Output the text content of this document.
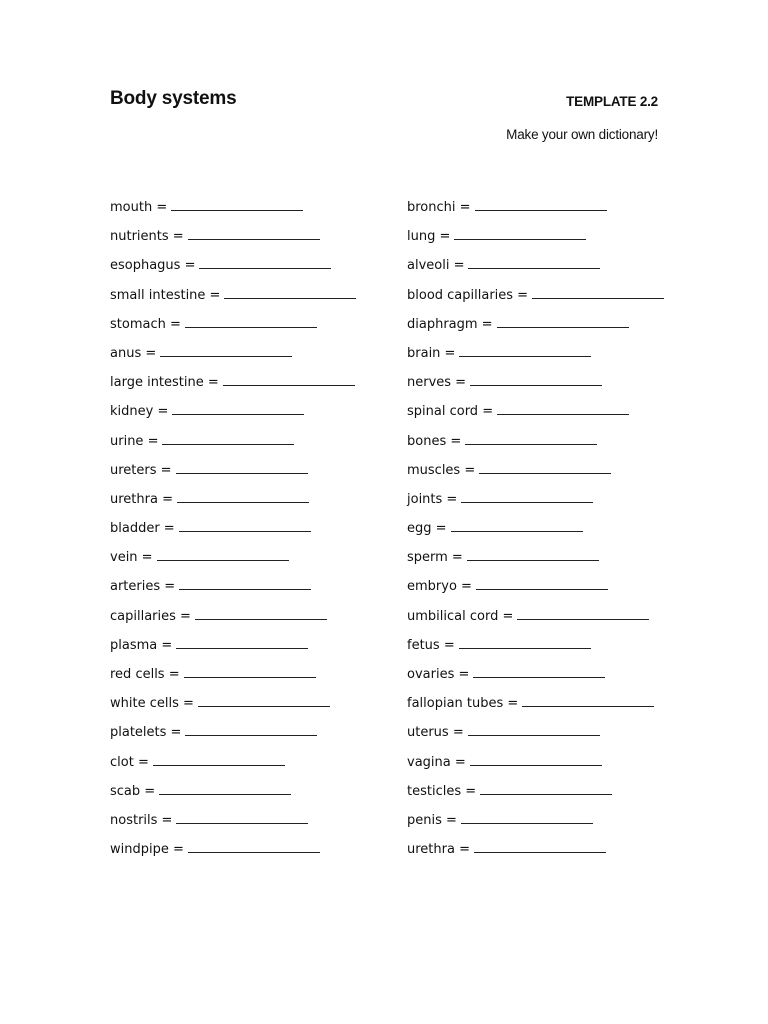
Body systems	TEMPLATE 2.2
Make your own dictionary!
mouth =
nutrients =
esophagus =
small intestine =
stomach =
anus =
large intestine =
kidney =
urine =
ureters =
urethra =
bladder =
vein =
arteries =
capillaries =
plasma =
red cells =
white cells =
platelets =
clot =
scab =
nostrils =
windpipe =
bronchi =
lung =
alveoli =
blood capillaries =
diaphragm =
brain =
nerves =
spinal cord =
bones =
muscles =
joints =
egg =
sperm =
embryo =
umbilical cord =
fetus =
ovaries =
fallopian tubes =
uterus =
vagina =
testicles =
penis =
urethra =
